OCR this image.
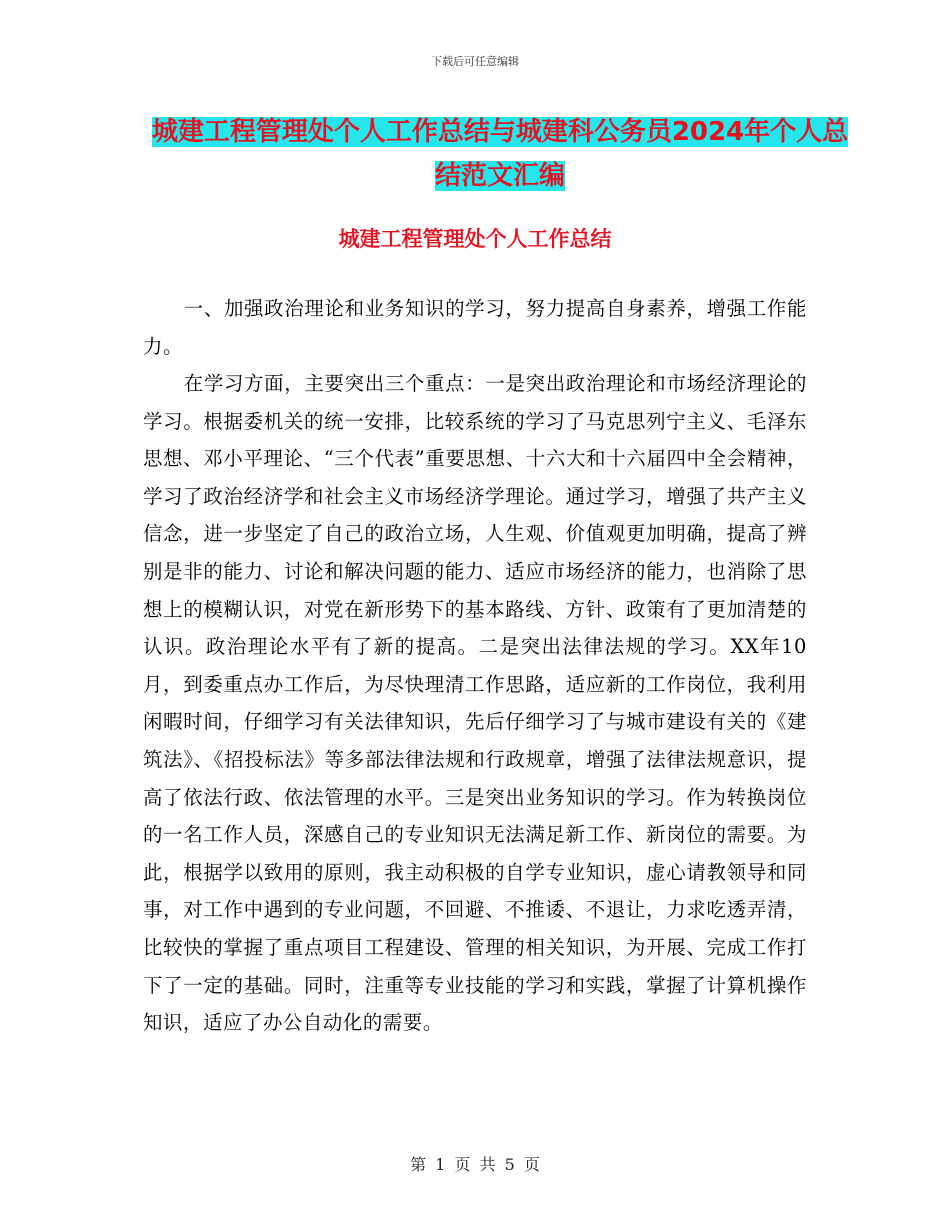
下载后可任意编辑
城建工程管理处个人工作总结与城建科公务员2024年个人总结范文汇编
城建工程管理处个人工作总结

一、加强政治理论和业务知识的学习，努力提高自身素养，增强工作能力。

在学习方面，主要突出三个重点：一是突出政治理论和市场经济理论的学习。根据委机关的统一安排，比较系统的学习了马克思列宁主义、毛泽东思想、邓小平理论、“三个代表”重要思想、十六大和十六届四中全会精神，学习了政治经济学和社会主义市场经济学理论。通过学习，增强了共产主义信念，进一步坚定了自己的政治立场，人生观、价值观更加明确，提高了辨别是非的能力、讨论和解决问题的能力、适应市场经济的能力，也消除了思想上的模糊认识，对党在新形势下的基本路线、方针、政策有了更加清楚的认识。政治理论水平有了新的提高。二是突出法律法规的学习。XX年10月，到委重点办工作后，为尽快理清工作思路，适应新的工作岗位，我利用闲暇时间，仔细学习有关法律知识，先后仔细学习了与城市建设有关的《建筑法》、《招投标法》等多部法律法规和行政规章，增强了法律法规意识，提高了依法行政、依法管理的水平。三是突出业务知识的学习。作为转换岗位的一名工作人员，深感自己的专业知识无法满足新工作、新岗位的需要。为此，根据学以致用的原则，我主动积极的自学专业知识，虚心请教领导和同事，对工作中遇到的专业问题，不回避、不推诿、不退让，力求吃透弄清，比较快的掌握了重点项目工程建设、管理的相关知识，为开展、完成工作打下了一定的基础。同时，注重等专业技能的学习和实践，掌握了计算机操作知识，适应了办公自动化的需要。

第 1 页 共 5 页
